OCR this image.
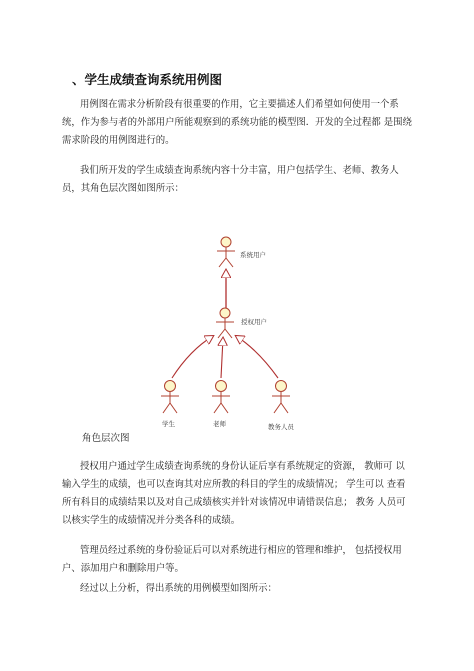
、学生成绩查询系统用例图
用例图在需求分析阶段有很重要的作用，它主要描述人们希望如何使用一个系统，作为参与者的外部用户所能观察到的系统功能的模型图．开发的全过程都 是围绕需求阶段的用例图进行的。
我们所开发的学生成绩查询系统内容十分丰富，用户包括学生、老师、教务人员，其角色层次图如图所示：
系统用户
授权用户
学生	老师	教务人员
角色层次图
授权用户通过学生成绩查询系统的身份认证后享有系统规定的资源， 教师可 以输入学生的成绩，也可以查询其对应所教的科目的学生的成绩情况； 学生可以 查看所有科目的成绩结果以及对自己成绩核实并针对该情况申请错误信息； 教务 人员可以核实学生的成绩情况并分类各科的成绩。
管理员经过系统的身份验证后可以对系统进行相应的管理和维护， 包括授权用户、添加用户和删除用户等。
经过以上分析，得出系统的用例模型如图所示：
